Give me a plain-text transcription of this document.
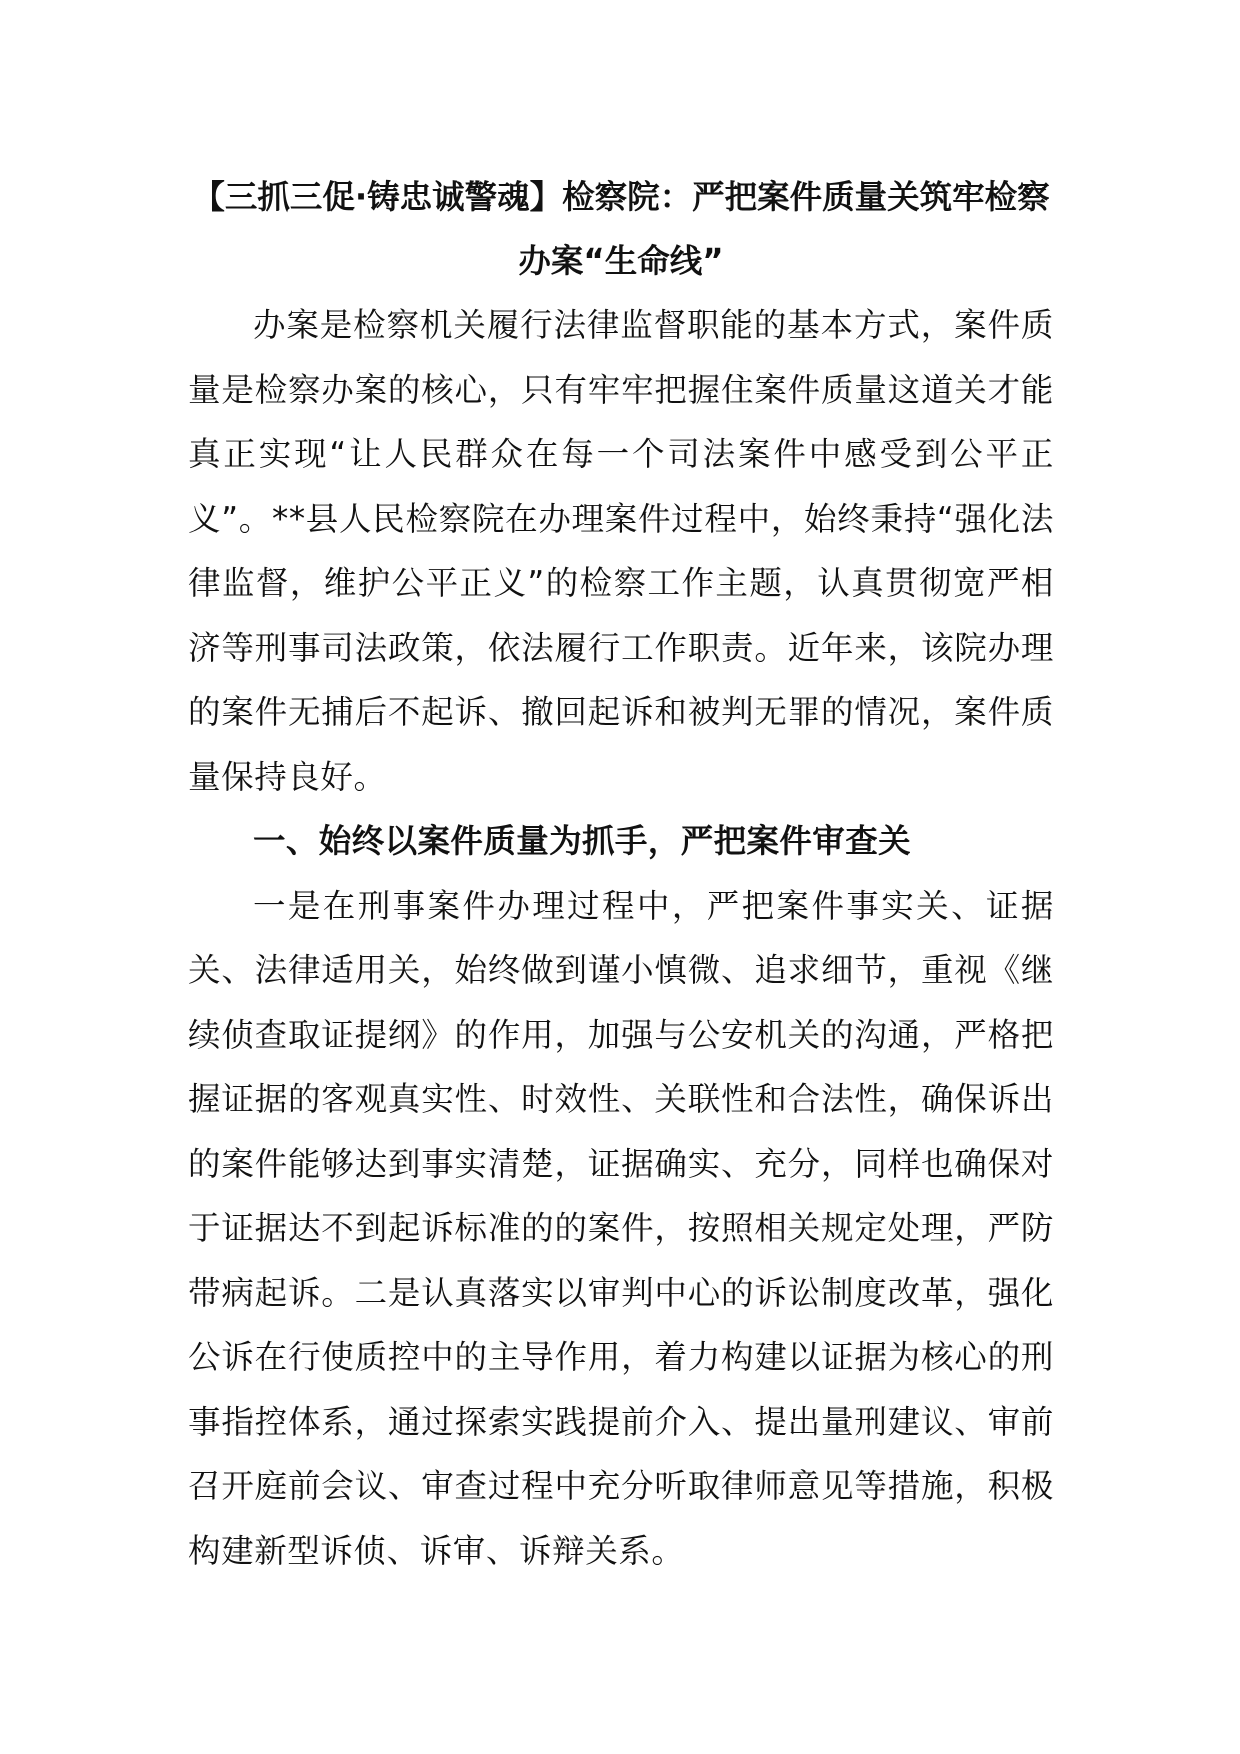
【三抓三促·铸忠诚警魂】检察院：严把案件质量关筑牢检察办案“生命线”

办案是检察机关履行法律监督职能的基本方式，案件质量是检察办案的核心，只有牢牢把握住案件质量这道关才能真正实现“让人民群众在每一个司法案件中感受到公平正义”。**县人民检察院在办理案件过程中，始终秉持“强化法律监督，维护公平正义”的检察工作主题，认真贯彻宽严相济等刑事司法政策，依法履行工作职责。近年来，该院办理的案件无捕后不起诉、撤回起诉和被判无罪的情况，案件质量保持良好。

一、始终以案件质量为抓手，严把案件审查关

一是在刑事案件办理过程中，严把案件事实关、证据关、法律适用关，始终做到谨小慎微、追求细节，重视《继续侦查取证提纲》的作用，加强与公安机关的沟通，严格把握证据的客观真实性、时效性、关联性和合法性，确保诉出的案件能够达到事实清楚，证据确实、充分，同样也确保对于证据达不到起诉标准的的案件，按照相关规定处理，严防带病起诉。二是认真落实以审判中心的诉讼制度改革，强化公诉在行使质控中的主导作用，着力构建以证据为核心的刑事指控体系，通过探索实践提前介入、提出量刑建议、审前召开庭前会议、审查过程中充分听取律师意见等措施，积极构建新型诉侦、诉审、诉辩关系。
